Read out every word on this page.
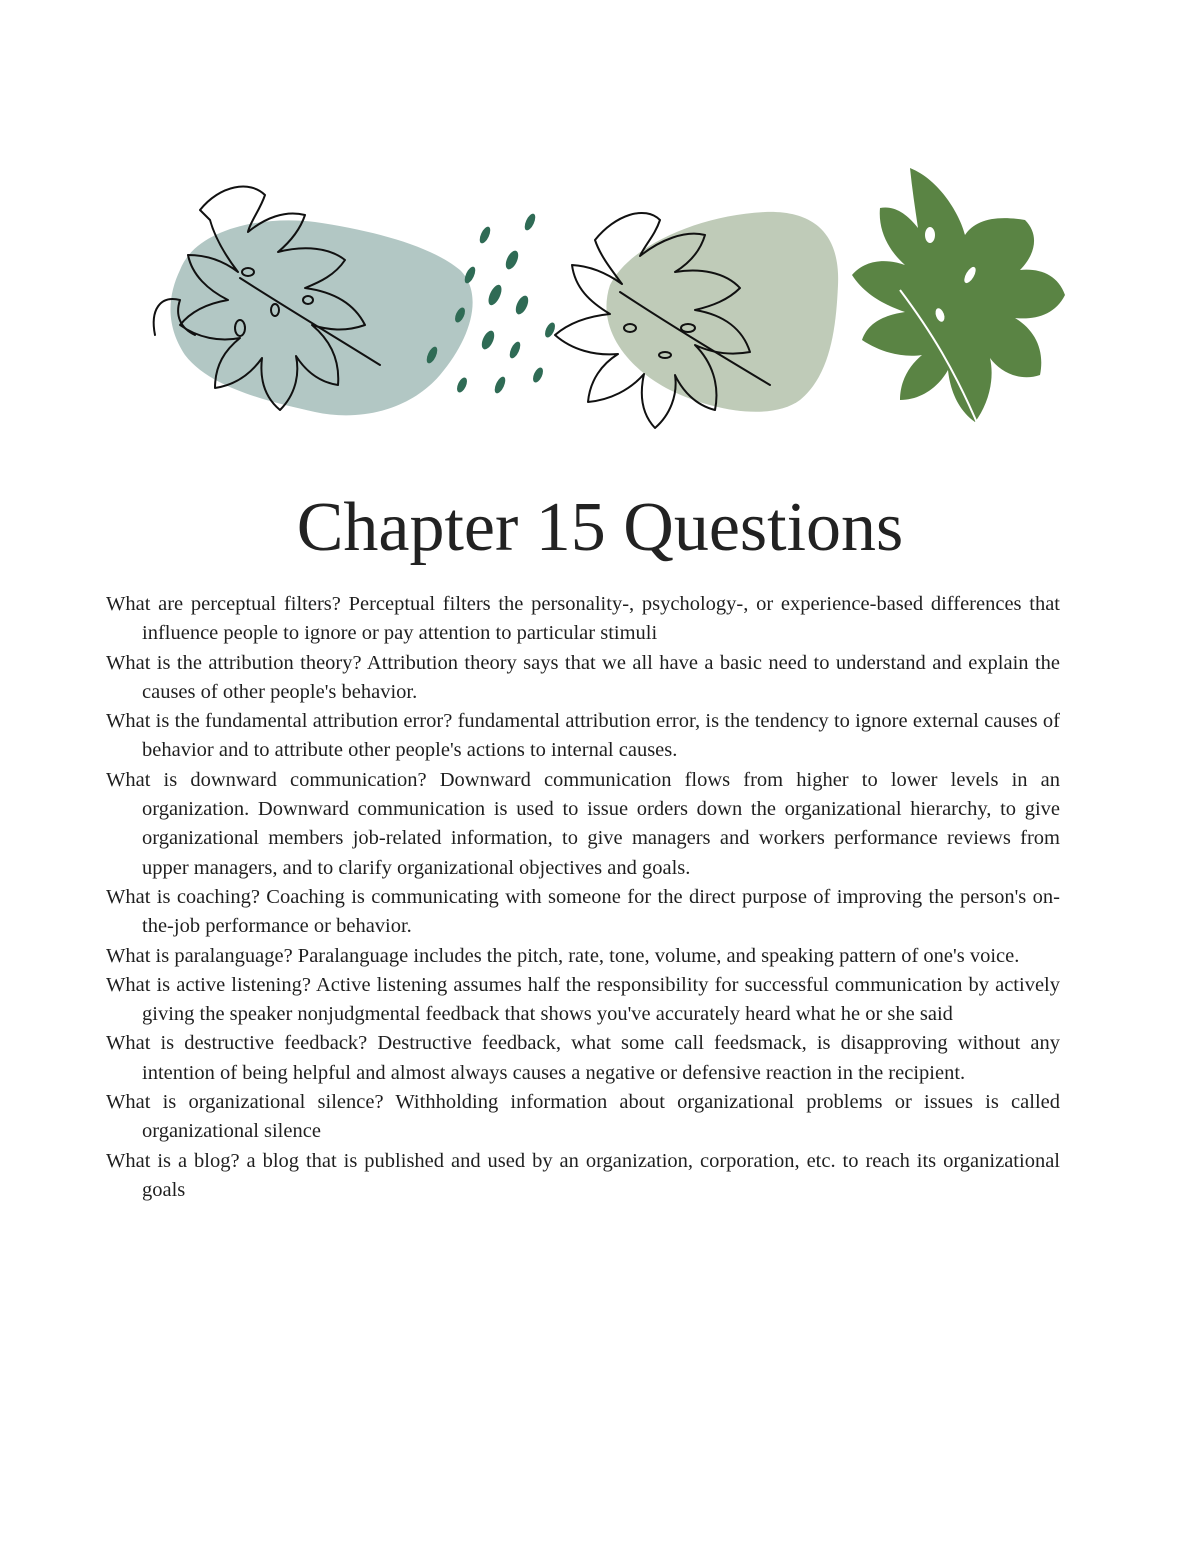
Chapter 15 Questions
What are perceptual filters? Perceptual filters the personality-, psychology-, or experience-based differences that influence people to ignore or pay attention to particular stimuli
What is the attribution theory? Attribution theory says that we all have a basic need to understand and explain the causes of other people's behavior.
What is the fundamental attribution error? fundamental attribution error, is the tendency to ignore external causes of behavior and to attribute other people's actions to internal causes.
What is downward communication? Downward communication flows from higher to lower levels in an organization. Downward communication is used to issue orders down the organizational hierarchy, to give organizational members job-related information, to give managers and workers performance reviews from upper managers, and to clarify organizational objectives and goals.
What is coaching? Coaching is communicating with someone for the direct purpose of improving the person's on-the-job performance or behavior.
What is paralanguage? Paralanguage includes the pitch, rate, tone, volume, and speaking pattern of one's voice.
What is active listening? Active listening assumes half the responsibility for successful communication by actively giving the speaker nonjudgmental feedback that shows you've accurately heard what he or she said
What is destructive feedback? Destructive feedback, what some call feedsmack, is disapproving without any intention of being helpful and almost always causes a negative or defensive reaction in the recipient.
What is organizational silence? Withholding information about organizational problems or issues is called organizational silence
What is a blog? a blog that is published and used by an organization, corporation, etc. to reach its organizational goals
